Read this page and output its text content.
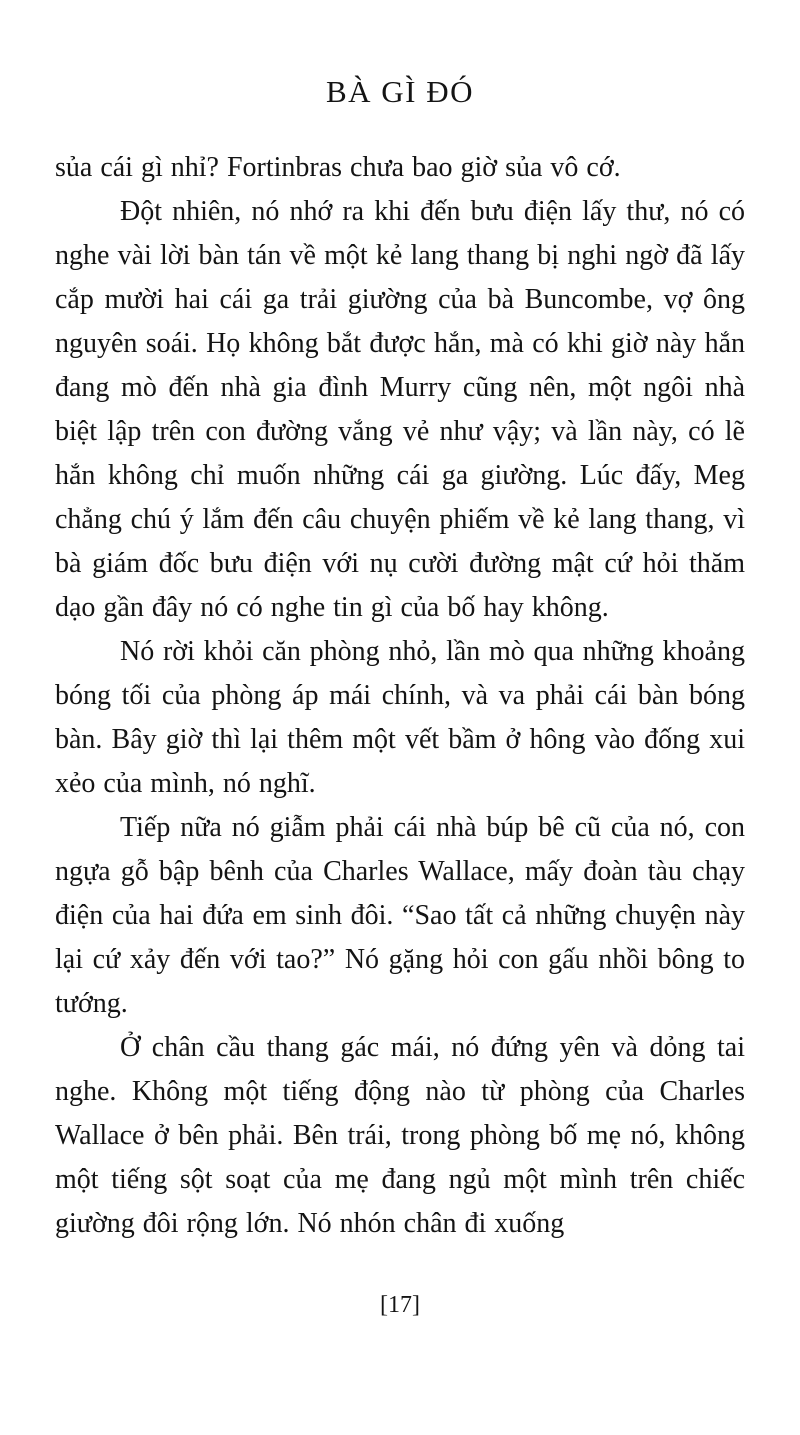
BÀ GÌ ĐÓ

sủa cái gì nhỉ? Fortinbras chưa bao giờ sủa vô cớ.

Đột nhiên, nó nhớ ra khi đến bưu điện lấy thư, nó có nghe vài lời bàn tán về một kẻ lang thang bị nghi ngờ đã lấy cắp mười hai cái ga trải giường của bà Buncombe, vợ ông nguyên soái. Họ không bắt được hắn, mà có khi giờ này hắn đang mò đến nhà gia đình Murry cũng nên, một ngôi nhà biệt lập trên con đường vắng vẻ như vậy; và lần này, có lẽ hắn không chỉ muốn những cái ga giường. Lúc đấy, Meg chẳng chú ý lắm đến câu chuyện phiếm về kẻ lang thang, vì bà giám đốc bưu điện với nụ cười đường mật cứ hỏi thăm dạo gần đây nó có nghe tin gì của bố hay không.

Nó rời khỏi căn phòng nhỏ, lần mò qua những khoảng bóng tối của phòng áp mái chính, và va phải cái bàn bóng bàn. Bây giờ thì lại thêm một vết bầm ở hông vào đống xui xẻo của mình, nó nghĩ.

Tiếp nữa nó giẫm phải cái nhà búp bê cũ của nó, con ngựa gỗ bập bênh của Charles Wallace, mấy đoàn tàu chạy điện của hai đứa em sinh đôi. “Sao tất cả những chuyện này lại cứ xảy đến với tao?” Nó gặng hỏi con gấu nhồi bông to tướng.

Ở chân cầu thang gác mái, nó đứng yên và dỏng tai nghe. Không một tiếng động nào từ phòng của Charles Wallace ở bên phải. Bên trái, trong phòng bố mẹ nó, không một tiếng sột soạt của mẹ đang ngủ một mình trên chiếc giường đôi rộng lớn. Nó nhón chân đi xuống

[17]
